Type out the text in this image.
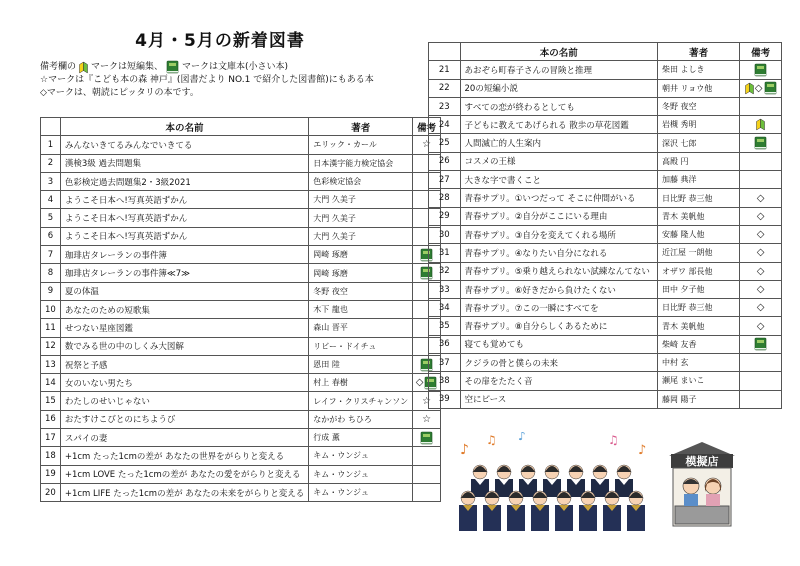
4月・5月の新着図書
備考欄の マークは短編集、 マークは文庫本(小さい本)
☆マークは『こども本の森 神戸』(図書だより NO.1 で紹介した図書館)にもある本
◇マークは、朝読にピッタリの本です。
	本の名前	著者	備考
1	みんないきてるみんなでいきてる	エリック・カール	☆

2	漢検3級 過去問題集	日本漢字能力検定協会	

3	色彩検定過去問題集2・3級2021	色彩検定協会	

4	ようこそ日本へ!写真英語ずかん	大門 久美子	

5	ようこそ日本へ!写真英語ずかん	大門 久美子	

6	ようこそ日本へ!写真英語ずかん	大門 久美子	

7	珈琲店タレーランの事件簿	岡崎 琢磨	

8	珈琲店タレーランの事件簿≪7≫	岡崎 琢磨	

9	夏の体温	冬野 夜空	

10	あなたのための短歌集	木下 龍也	

11	せつない星座図鑑	森山 晋平	

12	数でみる世の中のしくみ大図解	リビー・ドイチュ	

13	祝祭と予感	恩田 陸	

14	女のいない男たち	村上 春樹	◇

15	わたしのせいじゃない	レイフ・クリスチャンソン	☆

16	おたすけこびとのにちようび	なかがわ ちひろ	☆

17	スパイの妻	行成 薫	

18	+1cm たった1cmの差が あなたの世界をがらりと変える	キム・ウンジュ	

19	+1cm LOVE たった1cmの差が あなたの愛をがらりと変える	キム・ウンジュ	

20	+1cm LIFE たった1cmの差が あなたの未来をがらりと変える	キム・ウンジュ	
	本の名前	著者	備考
21	あおぞら町春子さんの冒険と推理	柴田 よしき	

22	20の短編小説	朝井 リョウ他	◇

23	すべての恋が終わるとしても	冬野 夜空	

24	子どもに教えてあげられる 散歩の草花図鑑	岩槻 秀明	

25	人間滅亡的人生案内	深沢 七郎	

26	コスメの王様	高殿 円	

27	大きな字で書くこと	加藤 典洋	

28	青春サプリ。①いつだって そこに仲間がいる	日比野 恭三他	◇

29	青春サプリ。②自分がここにいる理由	青木 美帆他	◇

30	青春サプリ。③自分を変えてくれる場所	安藤 隆人他	◇

31	青春サプリ。④なりたい自分になれる	近江屋 一朗他	◇

32	青春サプリ。⑤乗り越えられない試練なんてない	オザワ 部長他	◇

33	青春サプリ。⑥好きだから負けたくない	田中 夕子他	◇

34	青春サプリ。⑦この一瞬にすべてを	日比野 恭三他	◇

35	青春サプリ。⑧自分らしくあるために	青木 美帆他	◇

36	寝ても覚めても	柴崎 友香	

37	クジラの骨と僕らの未来	中村 玄	

38	その扉をたたく音	瀬尾 まいこ	

39	空にピース	藤岡 陽子	
♪
♫ ♪	♫
♪
模擬店
